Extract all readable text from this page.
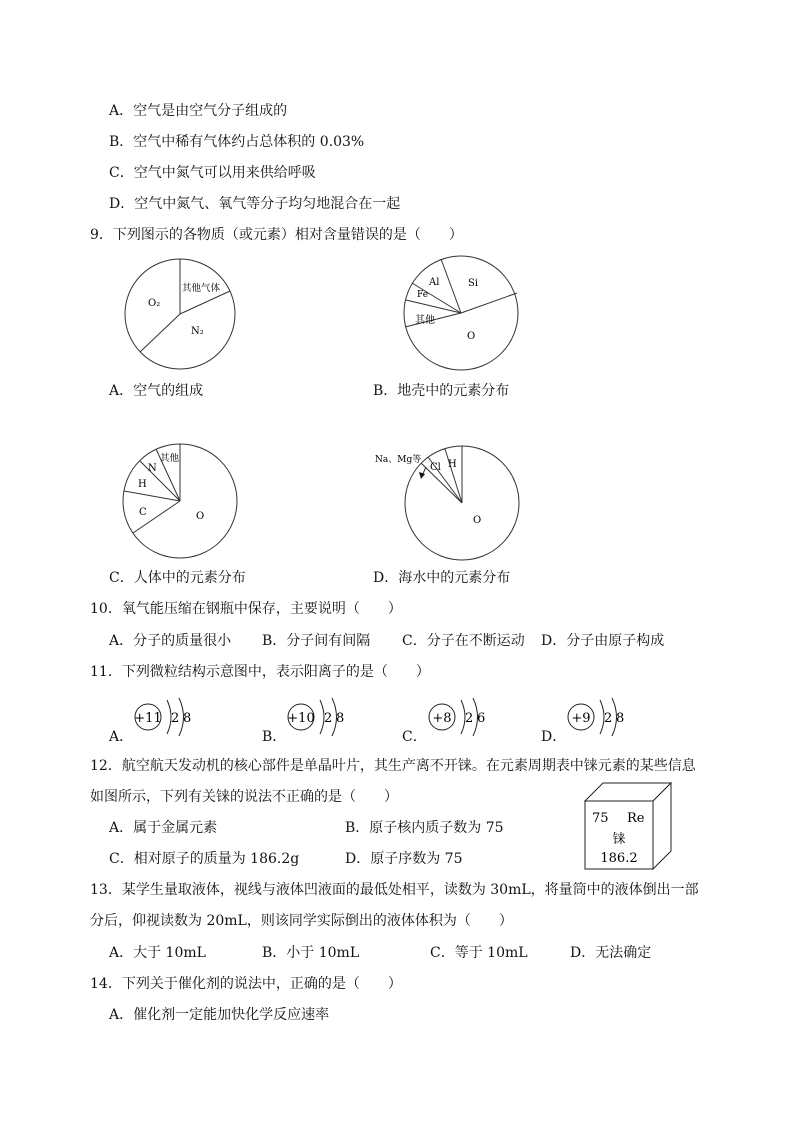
A．空气是由空气分子组成的
B．空气中稀有气体约占总体积的 0.03%
C．空气中氮气可以用来供给呼吸
D．空气中氮气、氧气等分子均匀地混合在一起
9．下列图示的各物质（或元素）相对含量错误的是（　　）
O₂
其他气体
N₂
A．空气的组成
Al	Si
Fe
其他
O
B．地壳中的元素分布
其他
N
H
C	O
C．人体中的元素分布
Na、Mg等
Cl H
O
D．海水中的元素分布
10．氧气能压缩在钢瓶中保存，主要说明（　　）
A．分子的质量很小 B．分子间有间隔 C．分子在不断运动 D．分子由原子构成
11．下列微粒结构示意图中，表示阳离子的是（　　）
A．
+11 2 8
B．
+10 2 8
C．
+8 2 6
D．
+9 2 8
12．航空航天发动机的核心部件是单晶叶片，其生产离不开铼。在元素周期表中铼元素的某些信息
如图所示，下列有关铼的说法不正确的是（　　）
A．属于金属元素	B．原子核内质子数为 75
C．相对原子的质量为 186.2g	D．原子序数为 75
75 Re
铼
186.2
13．某学生量取液体，视线与液体凹液面的最低处相平，读数为 30mL，将量筒中的液体倒出一部
分后，仰视读数为 20mL，则该同学实际倒出的液体体积为（　　）
A．大于 10mL	B．小于 10mL	C．等于 10mL	D．无法确定
14．下列关于催化剂的说法中，正确的是（　　）
A．催化剂一定能加快化学反应速率
